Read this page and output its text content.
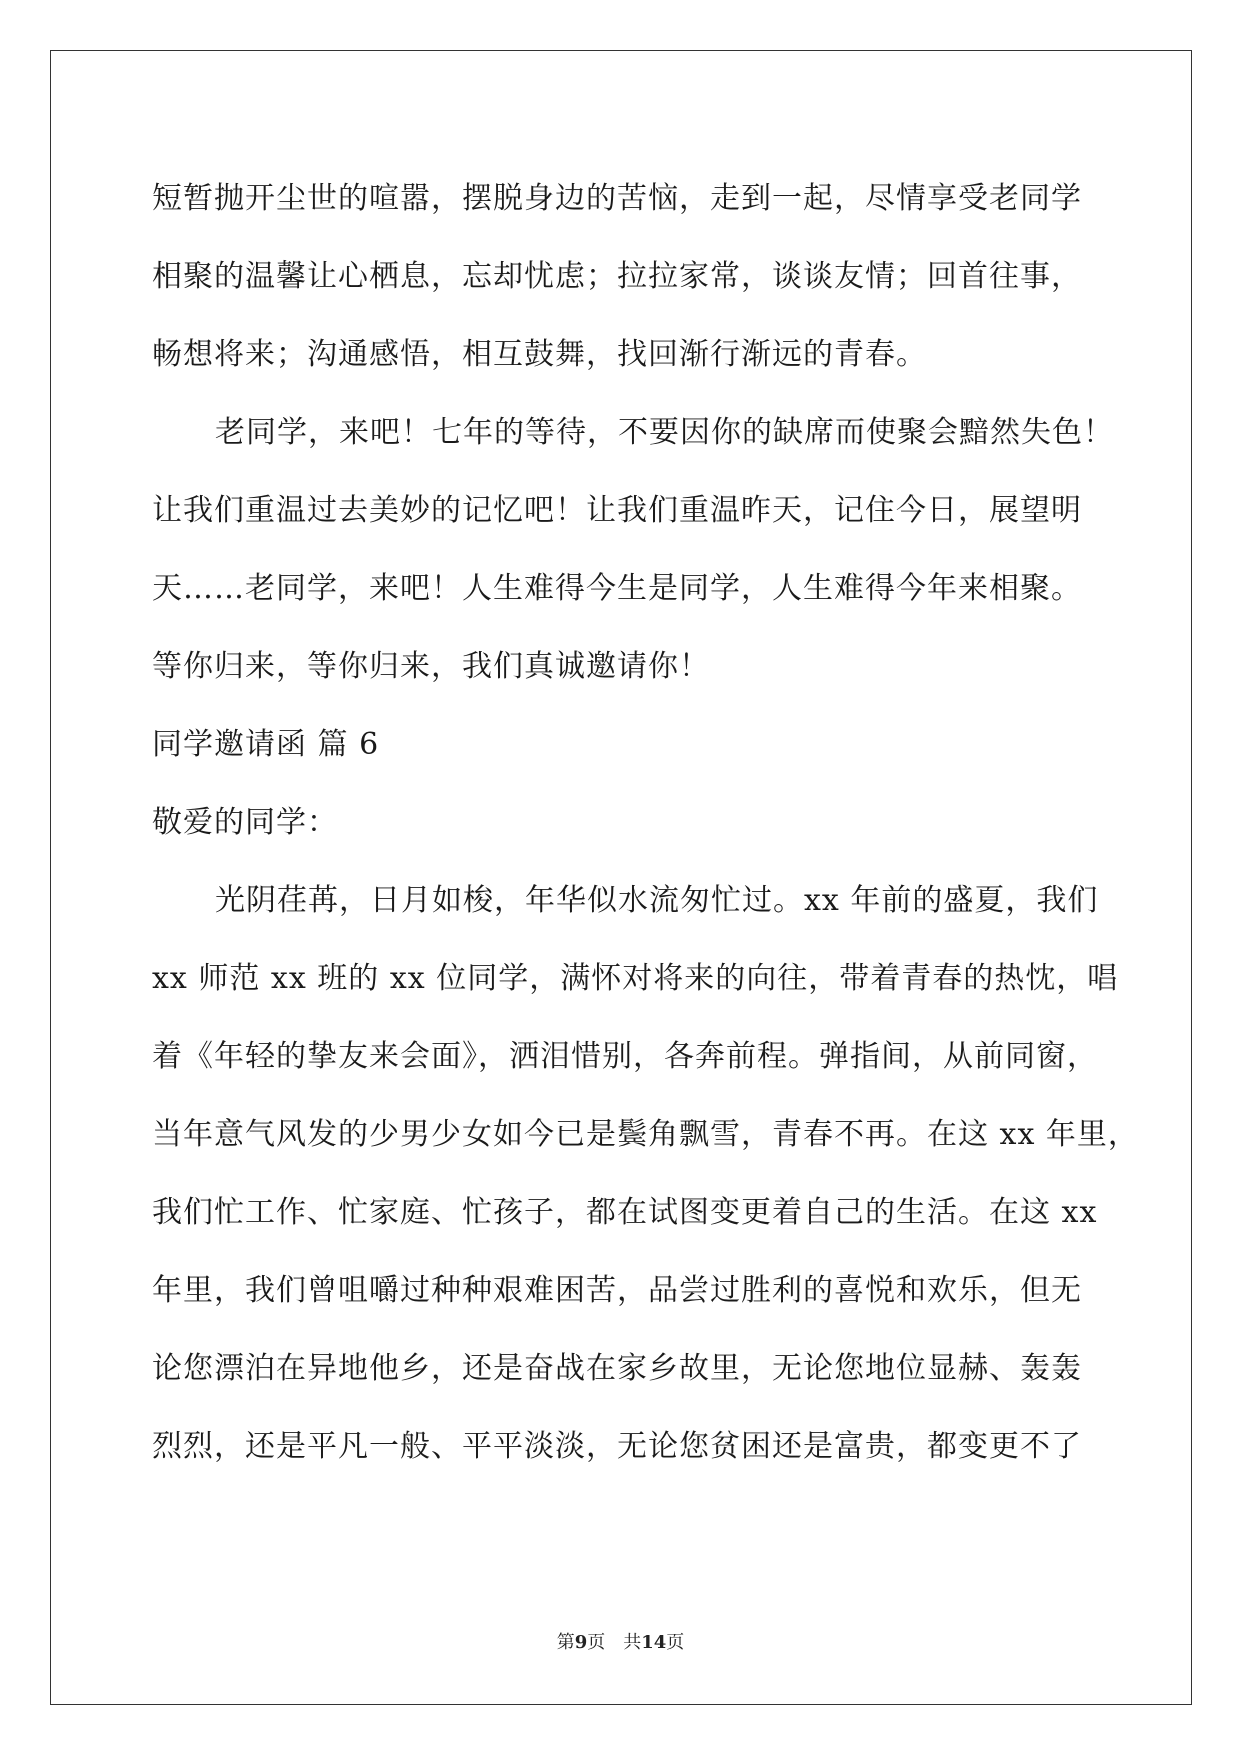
短暂抛开尘世的喧嚣，摆脱身边的苦恼，走到一起，尽情享受老同学
相聚的温馨让心栖息，忘却忧虑；拉拉家常，谈谈友情；回首往事，
畅想将来；沟通感悟，相互鼓舞，找回渐行渐远的青春。
老同学，来吧！七年的等待，不要因你的缺席而使聚会黯然失色！
让我们重温过去美妙的记忆吧！让我们重温昨天，记住今日，展望明
天……老同学，来吧！人生难得今生是同学，人生难得今年来相聚。
等你归来，等你归来，我们真诚邀请你！
同学邀请函 篇 6
敬爱的同学：
光阴荏苒，日月如梭，年华似水流匆忙过。xx 年前的盛夏，我们
xx 师范 xx 班的 xx 位同学，满怀对将来的向往，带着青春的热忱，唱
着《年轻的挚友来会面》，洒泪惜别，各奔前程。弹指间，从前同窗，
当年意气风发的少男少女如今已是鬓角飘雪，青春不再。在这 xx 年里，
我们忙工作、忙家庭、忙孩子，都在试图变更着自己的生活。在这 xx
年里，我们曾咀嚼过种种艰难困苦，品尝过胜利的喜悦和欢乐，但无
论您漂泊在异地他乡，还是奋战在家乡故里，无论您地位显赫、轰轰
烈烈，还是平凡一般、平平淡淡，无论您贫困还是富贵，都变更不了
第9页　共14页
